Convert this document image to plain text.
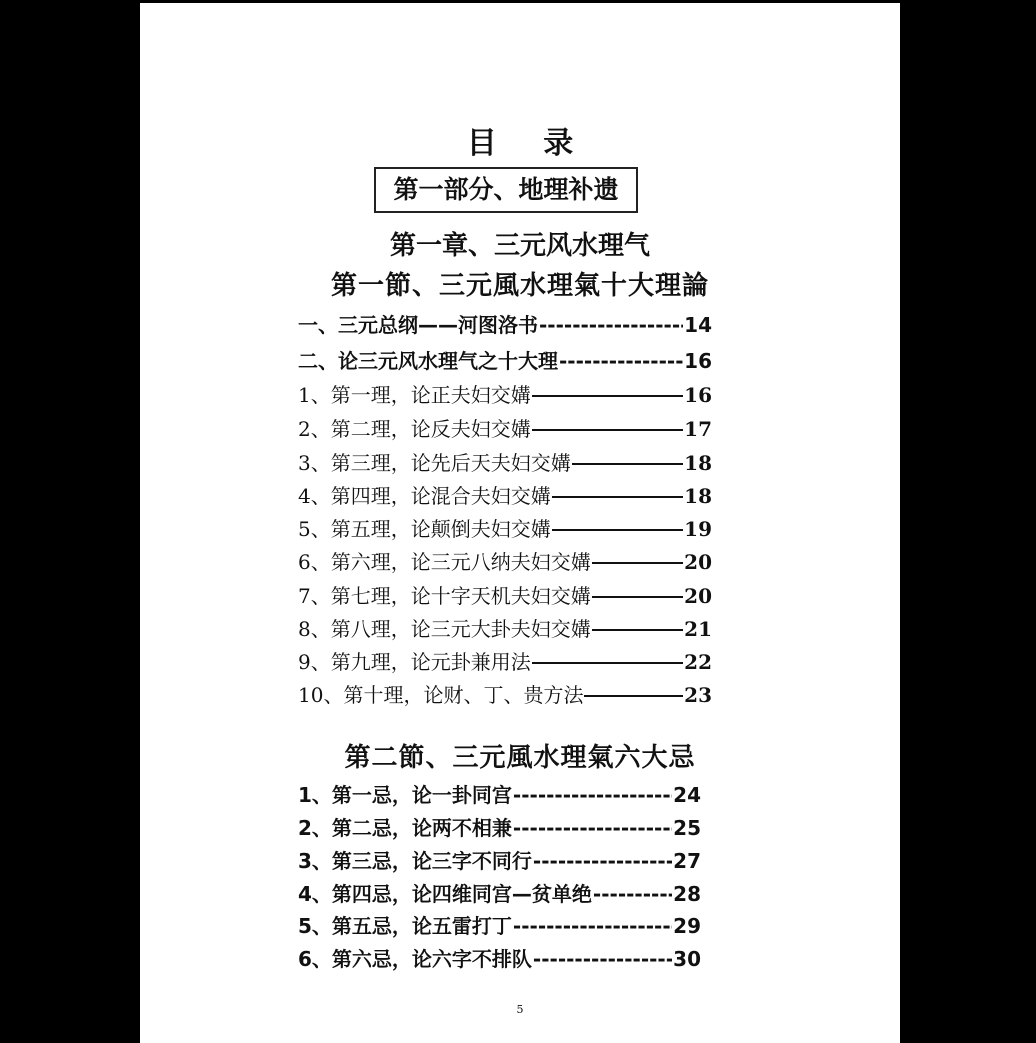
目 录
第一部分、地理补遗
第一章、三元风水理气
第一節、三元風水理氣十大理論
一、三元总纲——河图洛书 -----	14
二、论三元风水理气之十大理 -----	16
1、第一理，论正夫妇交媾	16
2、第二理，论反夫妇交媾	17
3、第三理，论先后天夫妇交媾	18
4、第四理，论混合夫妇交媾	18
5、第五理，论颠倒夫妇交媾	19
6、第六理，论三元八纳夫妇交媾	20
7、第七理，论十字天机夫妇交媾	20
8、第八理，论三元大卦夫妇交媾	21
9、第九理，论元卦兼用法	22
10、第十理，论财、丁、贵方法	23
第二節、三元風水理氣六大忌
1、第一忌，论一卦同宫 -----	24
2、第二忌，论两不相兼 -----	25
3、第三忌，论三字不同行 -----	27
4、第四忌，论四维同宫—贫单绝 -----	28
5、第五忌，论五雷打丁 -----	29
6、第六忌，论六字不排队 -----	30
5
